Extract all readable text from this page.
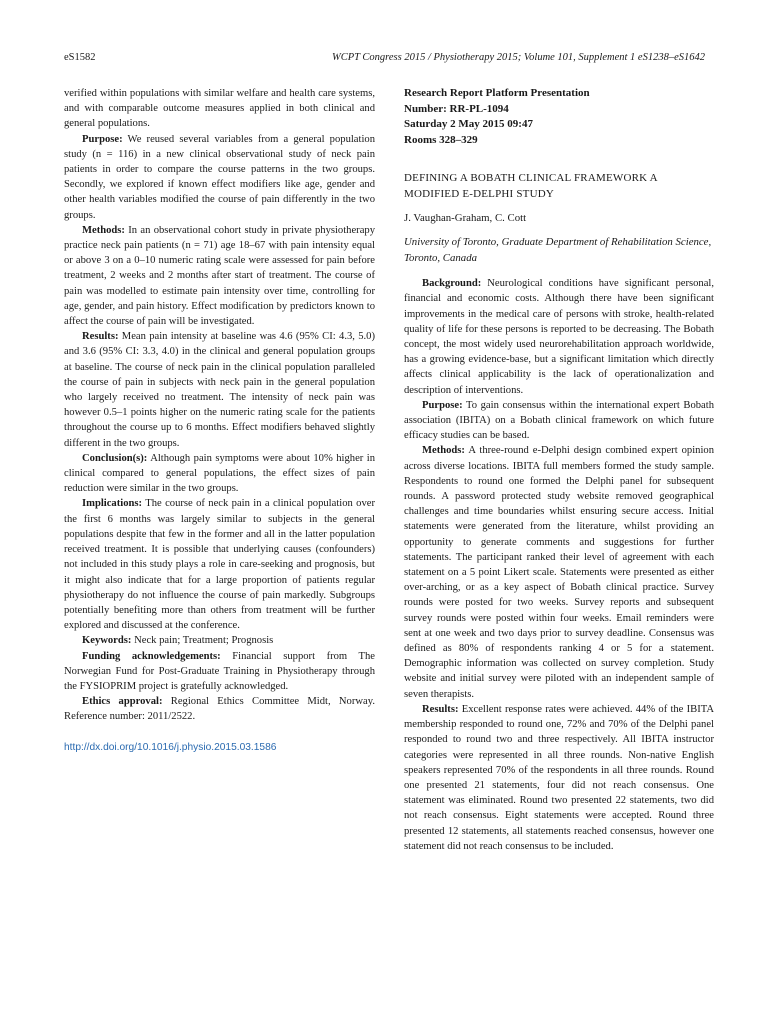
eS1582	WCPT Congress 2015 / Physiotherapy 2015; Volume 101, Supplement 1 eS1238–eS1642

verified within populations with similar welfare and health care systems, and with comparable outcome measures applied in both clinical and general populations.

Purpose: We reused several variables from a general population study (n = 116) in a new clinical observational study of neck pain patients in order to compare the course patterns in the two groups. Secondly, we explored if known effect modifiers like age, gender and other health variables modified the course of pain differently in the two groups.

Methods: In an observational cohort study in private physiotherapy practice neck pain patients (n = 71) age 18–67 with pain intensity equal or above 3 on a 0–10 numeric rating scale were assessed for pain before treatment, 2 weeks and 2 months after start of treatment. The course of pain was modelled to estimate pain intensity over time, controlling for age, gender, and pain history. Effect modification by predictors known to affect the course of pain will be investigated.

Results: Mean pain intensity at baseline was 4.6 (95% CI: 4.3, 5.0) and 3.6 (95% CI: 3.3, 4.0) in the clinical and general population groups at baseline. The course of neck pain in the clinical population paralleled the course of pain in subjects with neck pain in the general population who largely received no treatment. The intensity of neck pain was however 0.5–1 points higher on the numeric rating scale for the patients throughout the course up to 6 months. Effect modifiers behaved slightly different in the two groups.

Conclusion(s): Although pain symptoms were about 10% higher in clinical compared to general populations, the effect sizes of pain reduction were similar in the two groups.

Implications: The course of neck pain in a clinical population over the first 6 months was largely similar to subjects in the general populations despite that few in the former and all in the latter population received treatment. It is possible that underlying causes (confounders) not included in this study plays a role in care-seeking and prognosis, but it might also indicate that for a large proportion of patients regular physiotherapy do not influence the course of pain markedly. Subgroups potentially benefiting more than others from treatment will be further explored and discussed at the conference.

Keywords: Neck pain; Treatment; Prognosis

Funding acknowledgements: Financial support from The Norwegian Fund for Post-Graduate Training in Physiotherapy through the FYSIOPRIM project is gratefully acknowledged.

Ethics approval: Regional Ethics Committee Midt, Norway. Reference number: 2011/2522.

http://dx.doi.org/10.1016/j.physio.2015.03.1586

Research Report Platform Presentation

Number: RR-PL-1094

Saturday 2 May 2015 09:47

Rooms 328–329

DEFINING A BOBATH CLINICAL FRAMEWORK A MODIFIED E-DELPHI STUDY

J. Vaughan-Graham, C. Cott

University of Toronto, Graduate Department of Rehabilitation Science, Toronto, Canada

Background: Neurological conditions have significant personal, financial and economic costs. Although there have been significant improvements in the medical care of persons with stroke, health-related quality of life for these persons is reported to be decreasing. The Bobath concept, the most widely used neurorehabilitation approach worldwide, has a growing evidence-base, but a significant limitation which directly affects clinical applicability is the lack of operationalization and description of interventions.

Purpose: To gain consensus within the international expert Bobath association (IBITA) on a Bobath clinical framework on which future efficacy studies can be based.

Methods: A three-round e-Delphi design combined expert opinion across diverse locations. IBITA full members formed the study sample. Respondents to round one formed the Delphi panel for subsequent rounds. A password protected study website removed geographical challenges and time boundaries whilst ensuring secure access. Initial statements were generated from the literature, whilst providing an opportunity to generate comments and suggestions for further statements. The participant ranked their level of agreement with each statement on a 5 point Likert scale. Statements were presented as either over-arching, or as a key aspect of Bobath clinical practice. Survey rounds were posted for two weeks. Survey reports and subsequent survey rounds were posted within four weeks. Email reminders were sent at one week and two days prior to survey deadline. Consensus was defined as 80% of respondents ranking 4 or 5 for a statement. Demographic information was collected on survey completion. Study website and initial survey were piloted with an independent sample of seven therapists.

Results: Excellent response rates were achieved. 44% of the IBITA membership responded to round one, 72% and 70% of the Delphi panel responded to round two and three respectively. All IBITA instructor categories were represented in all three rounds. Non-native English speakers represented 70% of the respondents in all three rounds. Round one presented 21 statements, four did not reach consensus. One statement was eliminated. Round two presented 22 statements, two did not reach consensus. Eight statements were accepted. Round three presented 12 statements, all statements reached consensus, however one statement did not reach consensus to be included.
